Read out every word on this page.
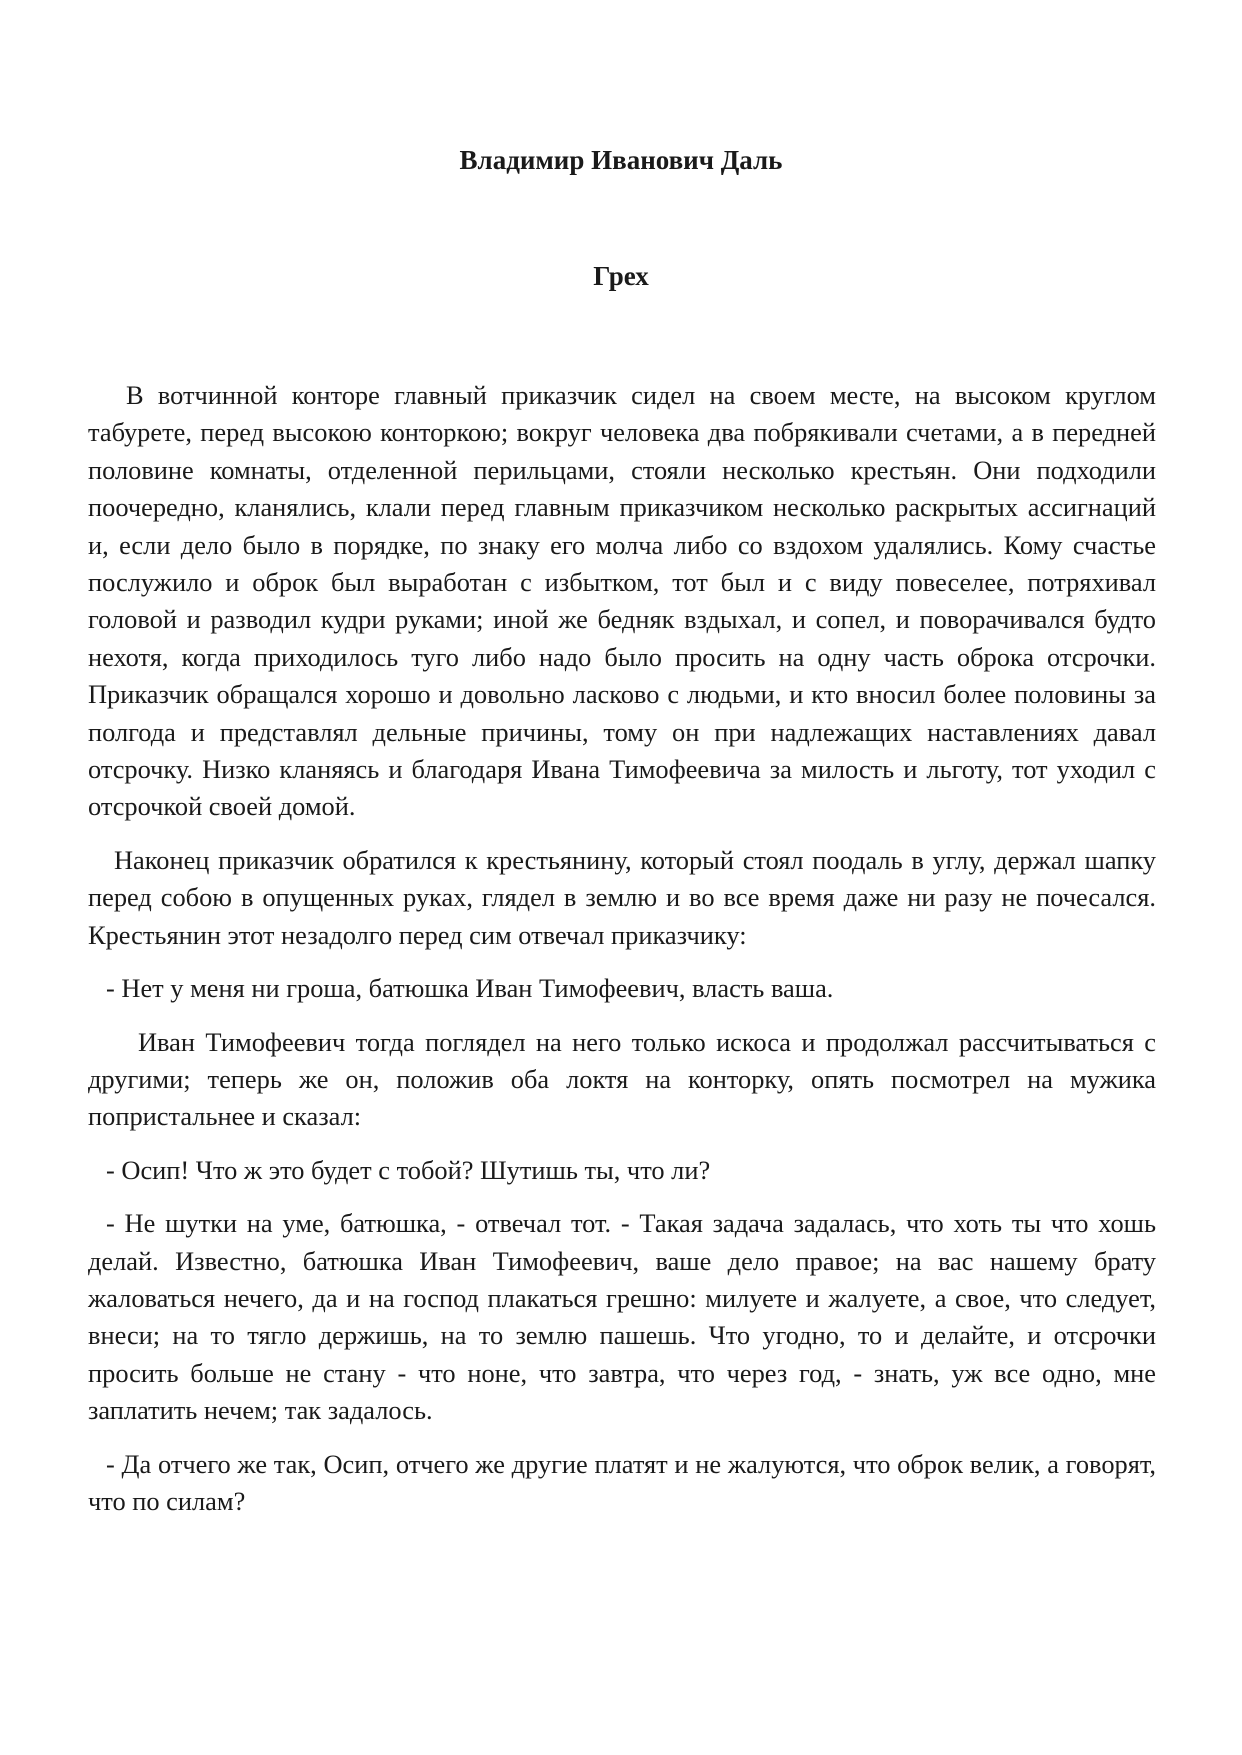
Владимир Иванович Даль
Грех

В вотчинной конторе главный приказчик сидел на своем месте, на высоком круглом табурете, перед высокою конторкою; вокруг человека два побрякивали счетами, а в передней половине комнаты, отделенной перильцами, стояли несколько крестьян. Они подходили поочередно, кланялись, клали перед главным приказчиком несколько раскрытых ассигнаций и, если дело было в порядке, по знаку его молча либо со вздохом удалялись. Кому счастье послужило и оброк был выработан с избытком, тот был и с виду повеселее, потряхивал головой и разводил кудри руками; иной же бедняк вздыхал, и сопел, и поворачивался будто нехотя, когда приходилось туго либо надо было просить на одну часть оброка отсрочки. Приказчик обращался хорошо и довольно ласково с людьми, и кто вносил более половины за полгода и представлял дельные причины, тому он при надлежащих наставлениях давал отсрочку. Низко кланяясь и благодаря Ивана Тимофеевича за милость и льготу, тот уходил с отсрочкой своей домой.

Наконец приказчик обратился к крестьянину, который стоял поодаль в углу, держал шапку перед собою в опущенных руках, глядел в землю и во все время даже ни разу не почесался. Крестьянин этот незадолго перед сим отвечал приказчику:

- Нет у меня ни гроша, батюшка Иван Тимофеевич, власть ваша.

Иван Тимофеевич тогда поглядел на него только искоса и продолжал рассчитываться с другими; теперь же он, положив оба локтя на конторку, опять посмотрел на мужика попристальнее и сказал:

- Осип! Что ж это будет с тобой? Шутишь ты, что ли?

- Не шутки на уме, батюшка, - отвечал тот. - Такая задача задалась, что хоть ты что хошь делай. Известно, батюшка Иван Тимофеевич, ваше дело правое; на вас нашему брату жаловаться нечего, да и на господ плакаться грешно: милуете и жалуете, а свое, что следует, внеси; на то тягло держишь, на то землю пашешь. Что угодно, то и делайте, и отсрочки просить больше не стану - что ноне, что завтра, что через год, - знать, уж все одно, мне заплатить нечем; так задалось.

- Да отчего же так, Осип, отчего же другие платят и не жалуются, что оброк велик, а говорят, что по силам?
